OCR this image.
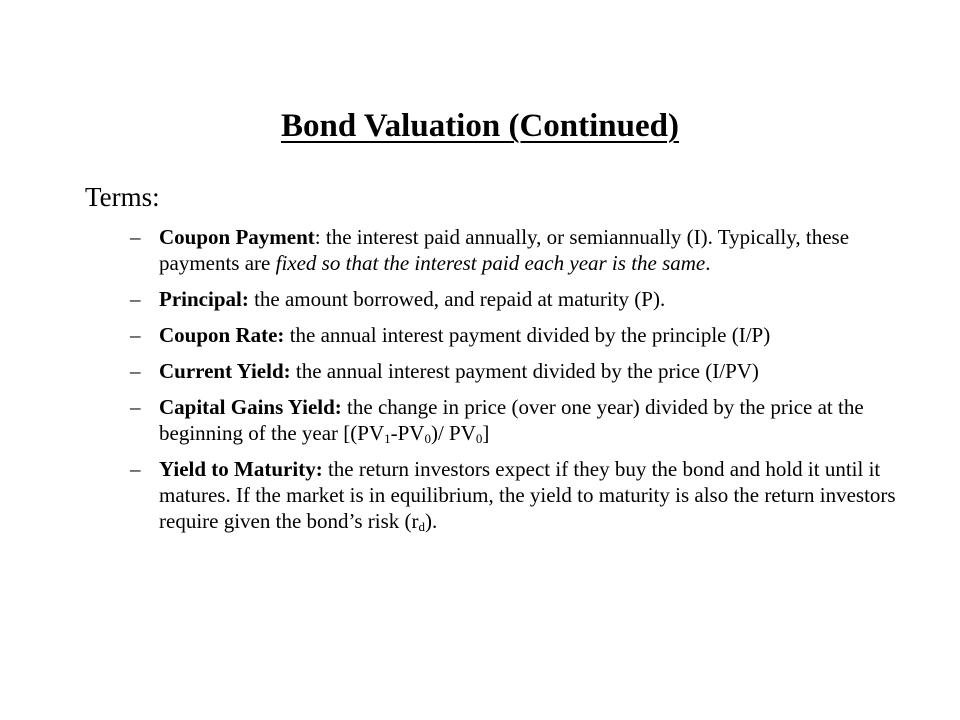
Bond Valuation (Continued)
Terms:
– Coupon Payment: the interest paid annually, or semiannually (I). Typically, these payments are fixed so that the interest paid each year is the same.
– Principal: the amount borrowed, and repaid at maturity (P).
– Coupon Rate: the annual interest payment divided by the principle (I/P)
– Current Yield: the annual interest payment divided by the price (I/PV)
– Capital Gains Yield: the change in price (over one year) divided by the price at the beginning of the year [$(PV_1-PV_0)/$ $PV_0$]
– Yield to Maturity: the return investors expect if they buy the bond and hold it until it matures. If the market is in equilibrium, the yield to maturity is also the return investors require given the bond’s risk $(r_d)$.
